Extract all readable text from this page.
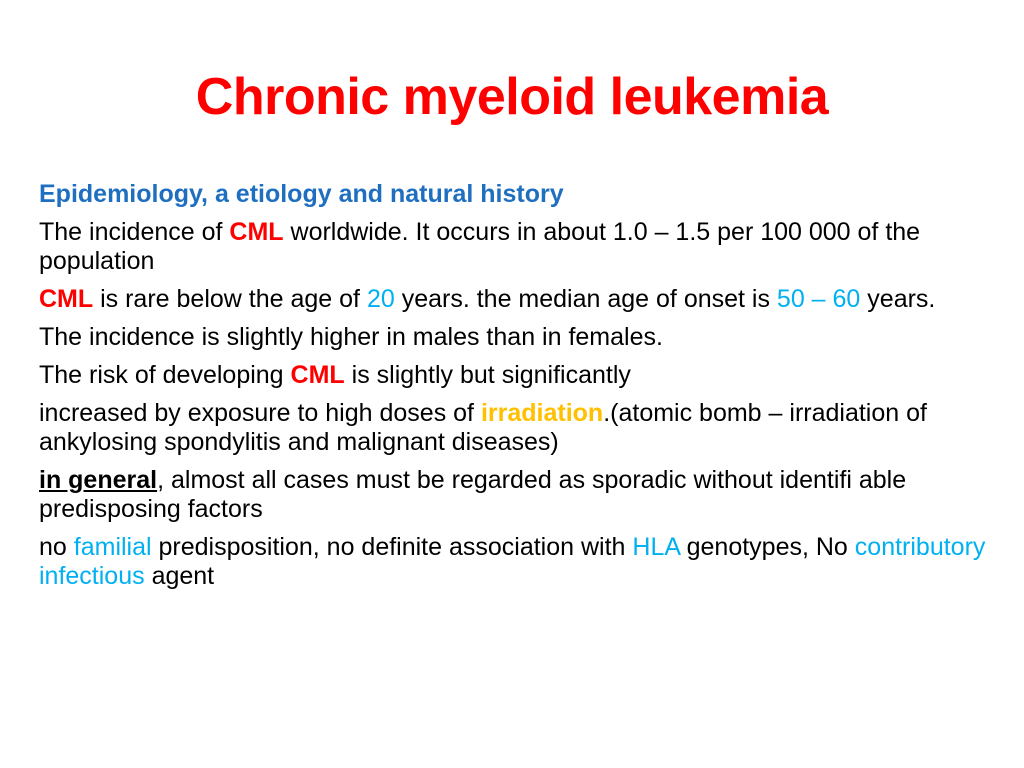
Chronic myeloid leukemia
Epidemiology, a etiology and natural history
The incidence of CML worldwide. It occurs in about 1.0 – 1.5 per 100 000 of the population
CML is rare below the age of 20 years. the median age of onset is 50 – 60 years.
The incidence is slightly higher in males than in females.
The risk of developing CML is slightly but significantly
increased by exposure to high doses of irradiation.(atomic bomb – irradiation of ankylosing spondylitis and malignant diseases)
in general, almost all cases must be regarded as sporadic without identifi able predisposing factors
no familial predisposition, no definite association with HLA genotypes, No contributory infectious agent
